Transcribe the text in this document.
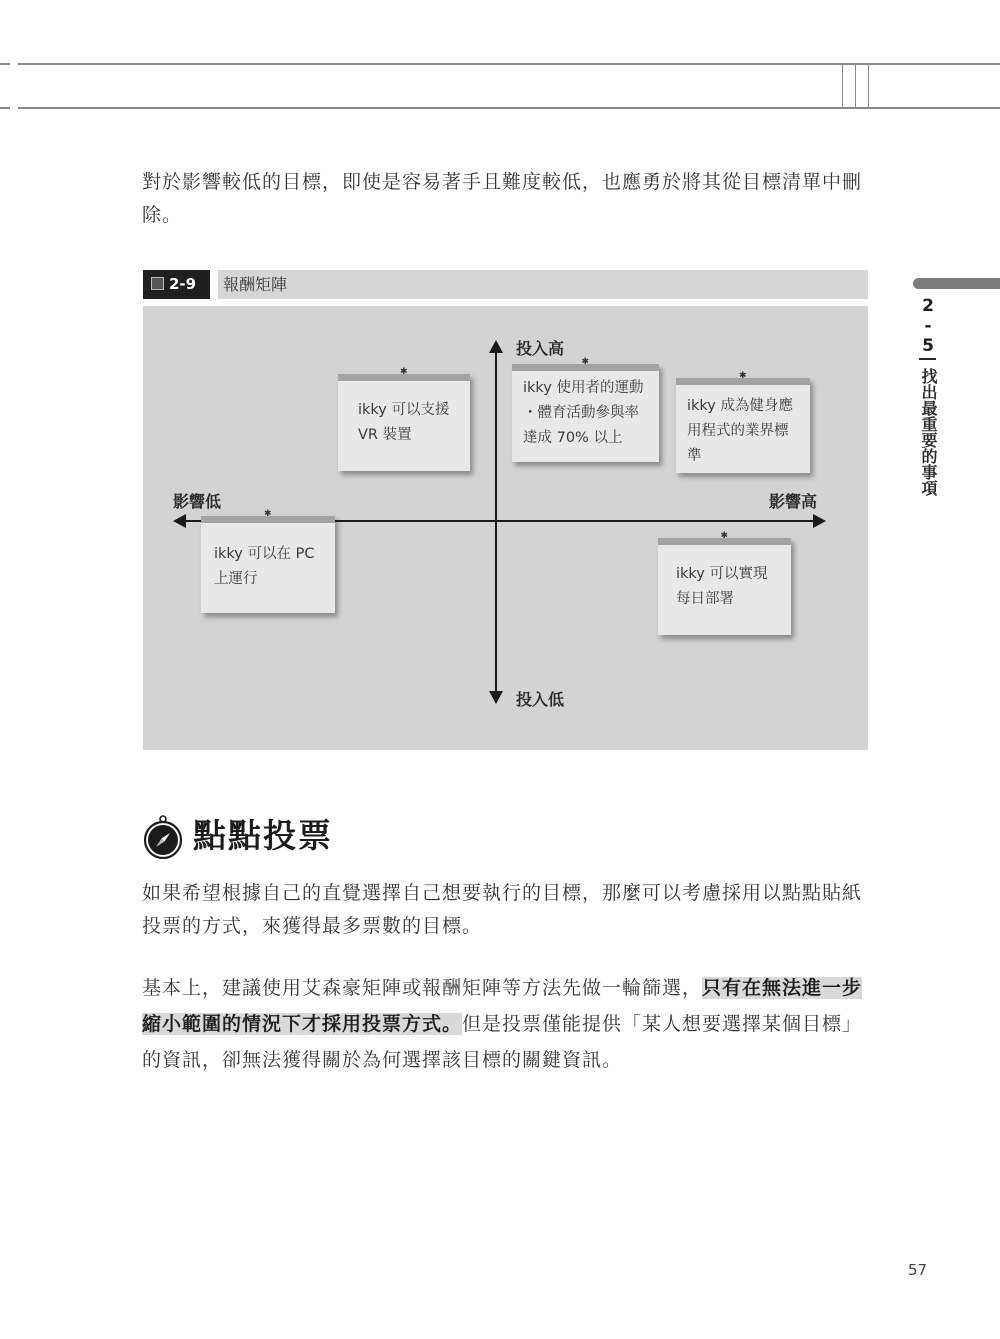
對於影響較低的目標，即使是容易著手且難度較低，也應勇於將其從目標清單中刪除。

2-9	報酬矩陣
投入高
投入低
影響低	影響高
✱
ikky 可以支援
VR 裝置
✱
ikky 使用者的運動
・體育活動參與率
達成 70% 以上
✱
ikky 成為健身應
用程式的業界標
準
✱
ikky 可以在 PC
上運行
✱
ikky 可以實現
每日部署
點點投票

如果希望根據自己的直覺選擇自己想要執行的目標，那麼可以考慮採用以點點貼紙投票的方式，來獲得最多票數的目標。

基本上，建議使用艾森豪矩陣或報酬矩陣等方法先做一輪篩選，只有在無法進一步縮小範圍的情況下才採用投票方式。但是投票僅能提供「某人想要選擇某個目標」的資訊，卻無法獲得關於為何選擇該目標的關鍵資訊。

2
-
5
找出最重要的事項
57
